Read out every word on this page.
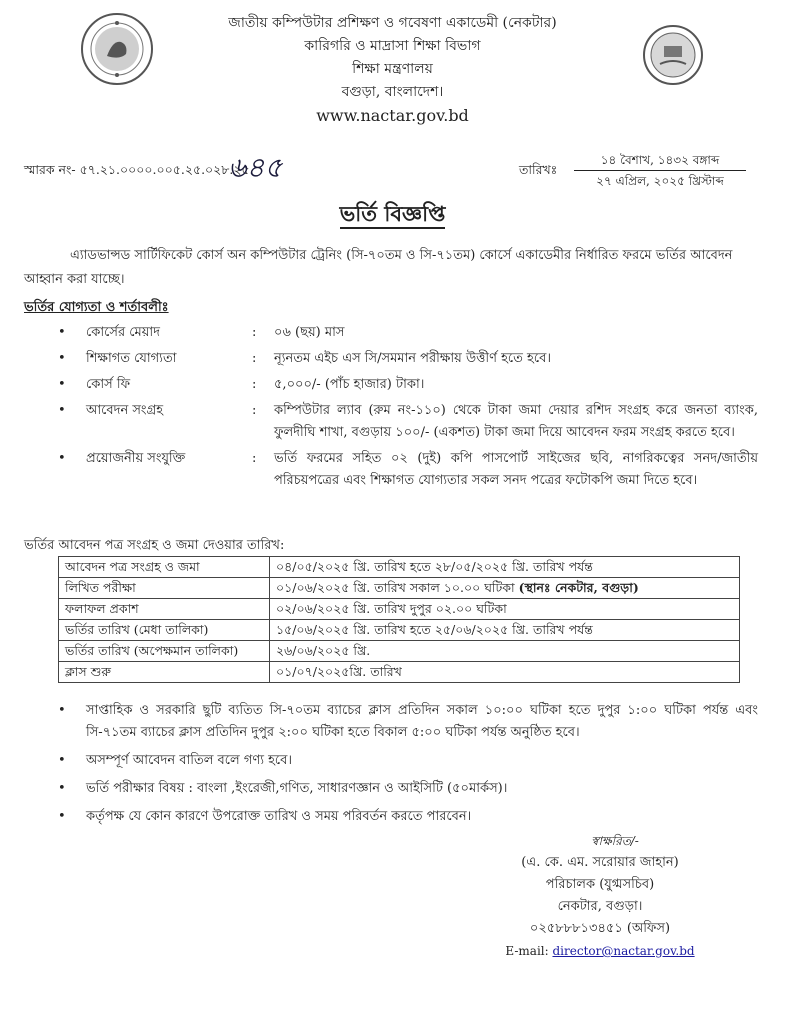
জাতীয় কম্পিউটার প্রশিক্ষণ ও গবেষণা একাডেমী (নেকটার)
কারিগরি ও মাদ্রাসা শিক্ষা বিভাগ
শিক্ষা মন্ত্রণালয়
বগুড়া, বাংলাদেশ।
www.nactar.gov.bd
স্মারক নং- ৫৭.২১.০০০০.০০৫.২৫.০২৮.২৫.
৬৪৫	তারিখঃ
১৪ বৈশাখ, ১৪৩২ বঙ্গাব্দ
২৭ এপ্রিল, ২০২৫ খ্রিস্টাব্দ
ভর্তি বিজ্ঞপ্তি
এ্যাডভান্সড সার্টিফিকেট কোর্স অন কম্পিউটার ট্রেনিং (সি-৭০তম ও সি-৭১তম) কোর্সে একাডেমীর নির্ধারিত ফরমে ভর্তির আবেদন আহ্বান করা যাচ্ছে।
ভর্তির যোগ্যতা ও শর্তাবলীঃ
•	কোর্সের মেয়াদ	:	০৬ (ছয়) মাস
•	শিক্ষাগত যোগ্যতা	:	ন্যূনতম এইচ এস সি/সমমান পরীক্ষায় উত্তীর্ণ হতে হবে।
•	কোর্স ফি	:	৫,০০০/- (পাঁচ হাজার) টাকা।
•	আবেদন সংগ্রহ	:	কম্পিউটার ল্যাব (রুম নং-১১০) থেকে টাকা জমা দেয়ার রশিদ সংগ্রহ করে জনতা ব্যাংক, ফুলদীঘি শাখা, বগুড়ায় ১০০/- (একশত) টাকা জমা দিয়ে আবেদন ফরম সংগ্রহ করতে হবে।
•	প্রয়োজনীয় সংযুক্তি	:	ভর্তি ফরমের সহিত ০২ (দুই) কপি পাসপোর্ট সাইজের ছবি, নাগরিকত্বের সনদ/জাতীয় পরিচয়পত্রের এবং শিক্ষাগত যোগ্যতার সকল সনদ পত্রের ফটোকপি জমা দিতে হবে।
ভর্তির আবেদন পত্র সংগ্রহ ও জমা দেওয়ার তারিখ:
আবেদন পত্র সংগ্রহ ও জমা	০৪/০৫/২০২৫ খ্রি. তারিখ হতে ২৮/০৫/২০২৫ খ্রি. তারিখ পর্যন্ত
লিখিত পরীক্ষা	০১/০৬/২০২৫ খ্রি. তারিখ সকাল ১০.০০ ঘটিকা (স্থানঃ নেকটার, বগুড়া)
ফলাফল প্রকাশ	০২/০৬/২০২৫ খ্রি. তারিখ দুপুর ০২.০০ ঘটিকা
ভর্তির তারিখ (মেধা তালিকা)	১৫/০৬/২০২৫ খ্রি. তারিখ হতে ২৫/০৬/২০২৫ খ্রি. তারিখ পর্যন্ত
ভর্তির তারিখ (অপেক্ষমান তালিকা)	২৬/০৬/২০২৫ খ্রি.
ক্লাস শুরু	০১/০৭/২০২৫খ্রি. তারিখ
•	সাপ্তাহিক ও সরকারি ছুটি ব্যতিত সি-৭০তম ব্যাচের ক্লাস প্রতিদিন সকাল ১০:০০ ঘটিকা হতে দুপুর ১:০০ ঘটিকা পর্যন্ত এবং সি-৭১তম ব্যাচের ক্লাস প্রতিদিন দুপুর ২:০০ ঘটিকা হতে বিকাল ৫:০০ ঘটিকা পর্যন্ত অনুষ্ঠিত হবে।
•	অসম্পূর্ণ আবেদন বাতিল বলে গণ্য হবে।
•	ভর্তি পরীক্ষার বিষয় : বাংলা ,ইংরেজী,গণিত, সাধারণজ্ঞান ও আইসিটি (৫০মার্কস)।
•	কর্তৃপক্ষ যে কোন কারণে উপরোক্ত তারিখ ও সময় পরিবর্তন করতে পারবেন।
স্বাক্ষরিত/-
(এ. কে. এম. সরোয়ার জাহান)
পরিচালক (যুগ্মসচিব)
নেকটার, বগুড়া।
০২৫৮৮৮১৩৪৫১ (অফিস)
E-mail: director@nactar.gov.bd
